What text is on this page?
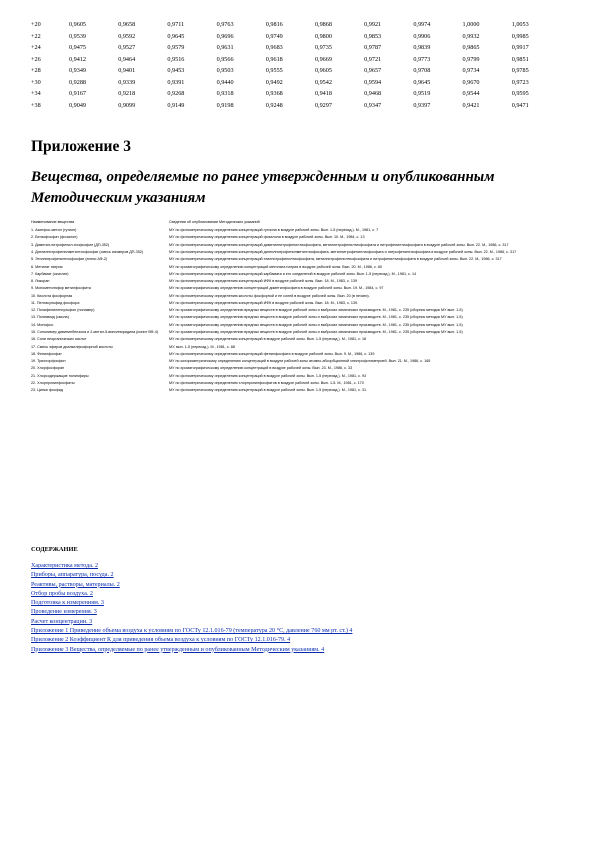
+20	0,9605	0,9658	0,9711	0,9763	0,9816	0,9868	0,9921	0,9974	1,0000	1,0053
+22	0,9539	0,9592	0,9645	0,9696	0,9749	0,9800	0,9853	0,9906	0,9932	0,9985
+24	0,9475	0,9527	0,9579	0,9631	0,9683	0,9735	0,9787	0,9839	0,9865	0,9917
+26	0,9412	0,9464	0,9516	0,9566	0,9618	0,9669	0,9721	0,9773	0,9799	0,9851
+28	0,9349	0,9401	0,9453	0,9503	0,9555	0,9605	0,9657	0,9708	0,9734	0,9785
+30	0,9288	0,9339	0,9391	0,9440	0,9492	0,9542	0,9594	0,9645	0,9670	0,9723
+34	0,9167	0,9218	0,9268	0,9318	0,9368	0,9418	0,9468	0,9519	0,9544	0,9595
+38	0,9049	0,9099	0,9149	0,9198	0,9248	0,9297	0,9347	0,9397	0,9421	0,9471
Приложение 3
Вещества, определяемые по ранее утвержденным и опубликованным Методическим указаниям
Наименование вещества	Сведения об опубликовании Методических указаний
1. Азинфос-метил (гутион)	МУ по фотометрическому определению концентраций гутиона в воздухе рабочей зоны. Вып. 1-5 (переизд.). М., 1981, с. 7
2. Бензофосфат (фозалон)	МУ по фотометрическому определению концентраций фозалона в воздухе рабочей зоны. Вып. 10. М., 1984, с. 13
3. Диметил-нитрофенил-тиофосфат (ДП-352)	МУ по фотометрическому определению концентраций диметилнитрофенилтиофосфата, метилнитрофенилтиофосфата и нитрофенилтиофосфата в воздухе рабочей зоны. Вып. 22. М., 1986, с. 317
4. Диэтилнитрофенилметилтиофосфат (смесь изомеров ДП-352)	МУ по фотометрическому определению концентраций диэтилнитрофенилметилтиофосфата, метилнитрофенилтиофосфата и нитрофенилтиофосфата в воздухе рабочей зоны. Вып. 22. М., 1986, с. 317
5. Этилнитрофенилтиофосфат (антио АФ-2)	МУ по фотометрическому определению концентраций этилнитрофенилтиофосфата, метилнитрофенилтиофосфата и нитрофенилтиофосфата в воздухе рабочей зоны. Вып. 22. М., 1986, с. 317
6. Метилат натрия	МУ по хроматографическому определению концентраций метилата натрия в воздухе рабочей зоны. Вып. 20. М., 1986, с. 60
7. Карбамат (оксилат)	МУ по фотометрическому определению концентраций карбамата и его соединений в воздухе рабочей зоны. Вып. 1-5 (переизд.). М., 1981, с. 14
8. Ликоран	МУ по фотометрическому определению концентраций ИФК в воздухе рабочей зоны. Вып. 18. М., 1983, с. 139
9. Монометилэфир метилфосфита	МУ по хроматографическому определению концентраций диметилфосфита в воздухе рабочей зоны. Вып. 19. М., 1984, с. 97
10. Кислота фосфорная	МУ по фотометрическому определению кислоты фосфорной и ее солей в воздухе рабочей зоны. Вып. 20 (в печати).
11. Пентасульфид фосфора	МУ по фотометрическому определению концентраций ИФК в воздухе рабочей зоны. Вып. 18. М., 1983, с. 139.
12. Полифениленсульфон (полимер)	МУ по хроматографическому определению вредных веществ в воздухе рабочей зоны и выбросах химических производств. М., 1981, с. 235 (сборник методик МУ вып. 1-5)
13. Полиамид (смола)	МУ по хроматографическому определению вредных веществ в воздухе рабочей зоны и выбросах химических производств. М., 1981, с. 235 (сборник методик МУ вып. 1-5)
14. Монофос	МУ по хроматографическому определению вредных веществ в воздухе рабочей зоны и выбросах химических производств. М., 1981, с. 235 (сборник методик МУ вып. 1-5)
15. Сополимер дивинилбензола и 2-метил-5-винилпиридина (ионит ВФ-4)	МУ по хроматографическому определению вредных веществ в воздухе рабочей зоны и выбросах химических производств. М., 1981, с. 235 (сборник методик МУ вып. 1-5)
16. Соли неорганических кислот	МУ по фотометрическому определению концентраций в воздухе рабочей зоны. Вып. 1-5 (переизд.). М., 1981, с. 18
17. Смесь эфиров диалкилфосфорной кислоты	МУ, вып. 1-5 (переизд.). М., 1981, с. 88
18. Фенилфосфат	МУ по фотометрическому определению концентраций фенилфосфата в воздухе рабочей зоны. Вып. 9. М., 1986, с. 139
19. Трихлорфосфин	МУ по колориметрическому определению концентраций в воздухе рабочей зоны атомно-абсорбционной спектрофотометрией. Вып. 21. М., 1986, с. 165
20. Хлорфосфоран	МУ по хроматографическому определению концентраций в воздухе рабочей зоны. Вып. 23. М., 1986, с. 33
21. Хлорсодержащие полиэфиры	МУ по фотометрическому определению концентраций в воздухе рабочей зоны. Вып. 1-5 (переизд.). М., 1981, с. 93
22. Хлорпропилфосфаты	МУ по фотометрическому определению хлорпропилфосфатов в воздухе рабочей зоны. Вып. 1-5. М., 1981, с. 170
23. Цинка фосфид	МУ по фотометрическому определению концентраций в воздухе рабочей зоны. Вып. 1-5 (переизд.). М., 1981, с. 31.
СОДЕРЖАНИЕ
Характеристика метода. 2
Приборы, аппаратура, посуда. 2
Реактивы, растворы, материалы. 2
Отбор пробы воздуха. 2
Подготовка к измерениям. 3
Проведение измерения. 3
Расчет концентрации. 3
Приложение 1 Приведение объема воздуха к условиям по ГОСТу 12.1.016-79 (температура 20 °С, давление 760 мм рт. ст.) 4
Приложение 2 Коэффициент К для приведения объема воздуха к условиям по ГОСТу 12.1.016-79. 4
Приложение 3 Вещества, определяемые по ранее утвержденным и опубликованным Методическим указаниям. 4
